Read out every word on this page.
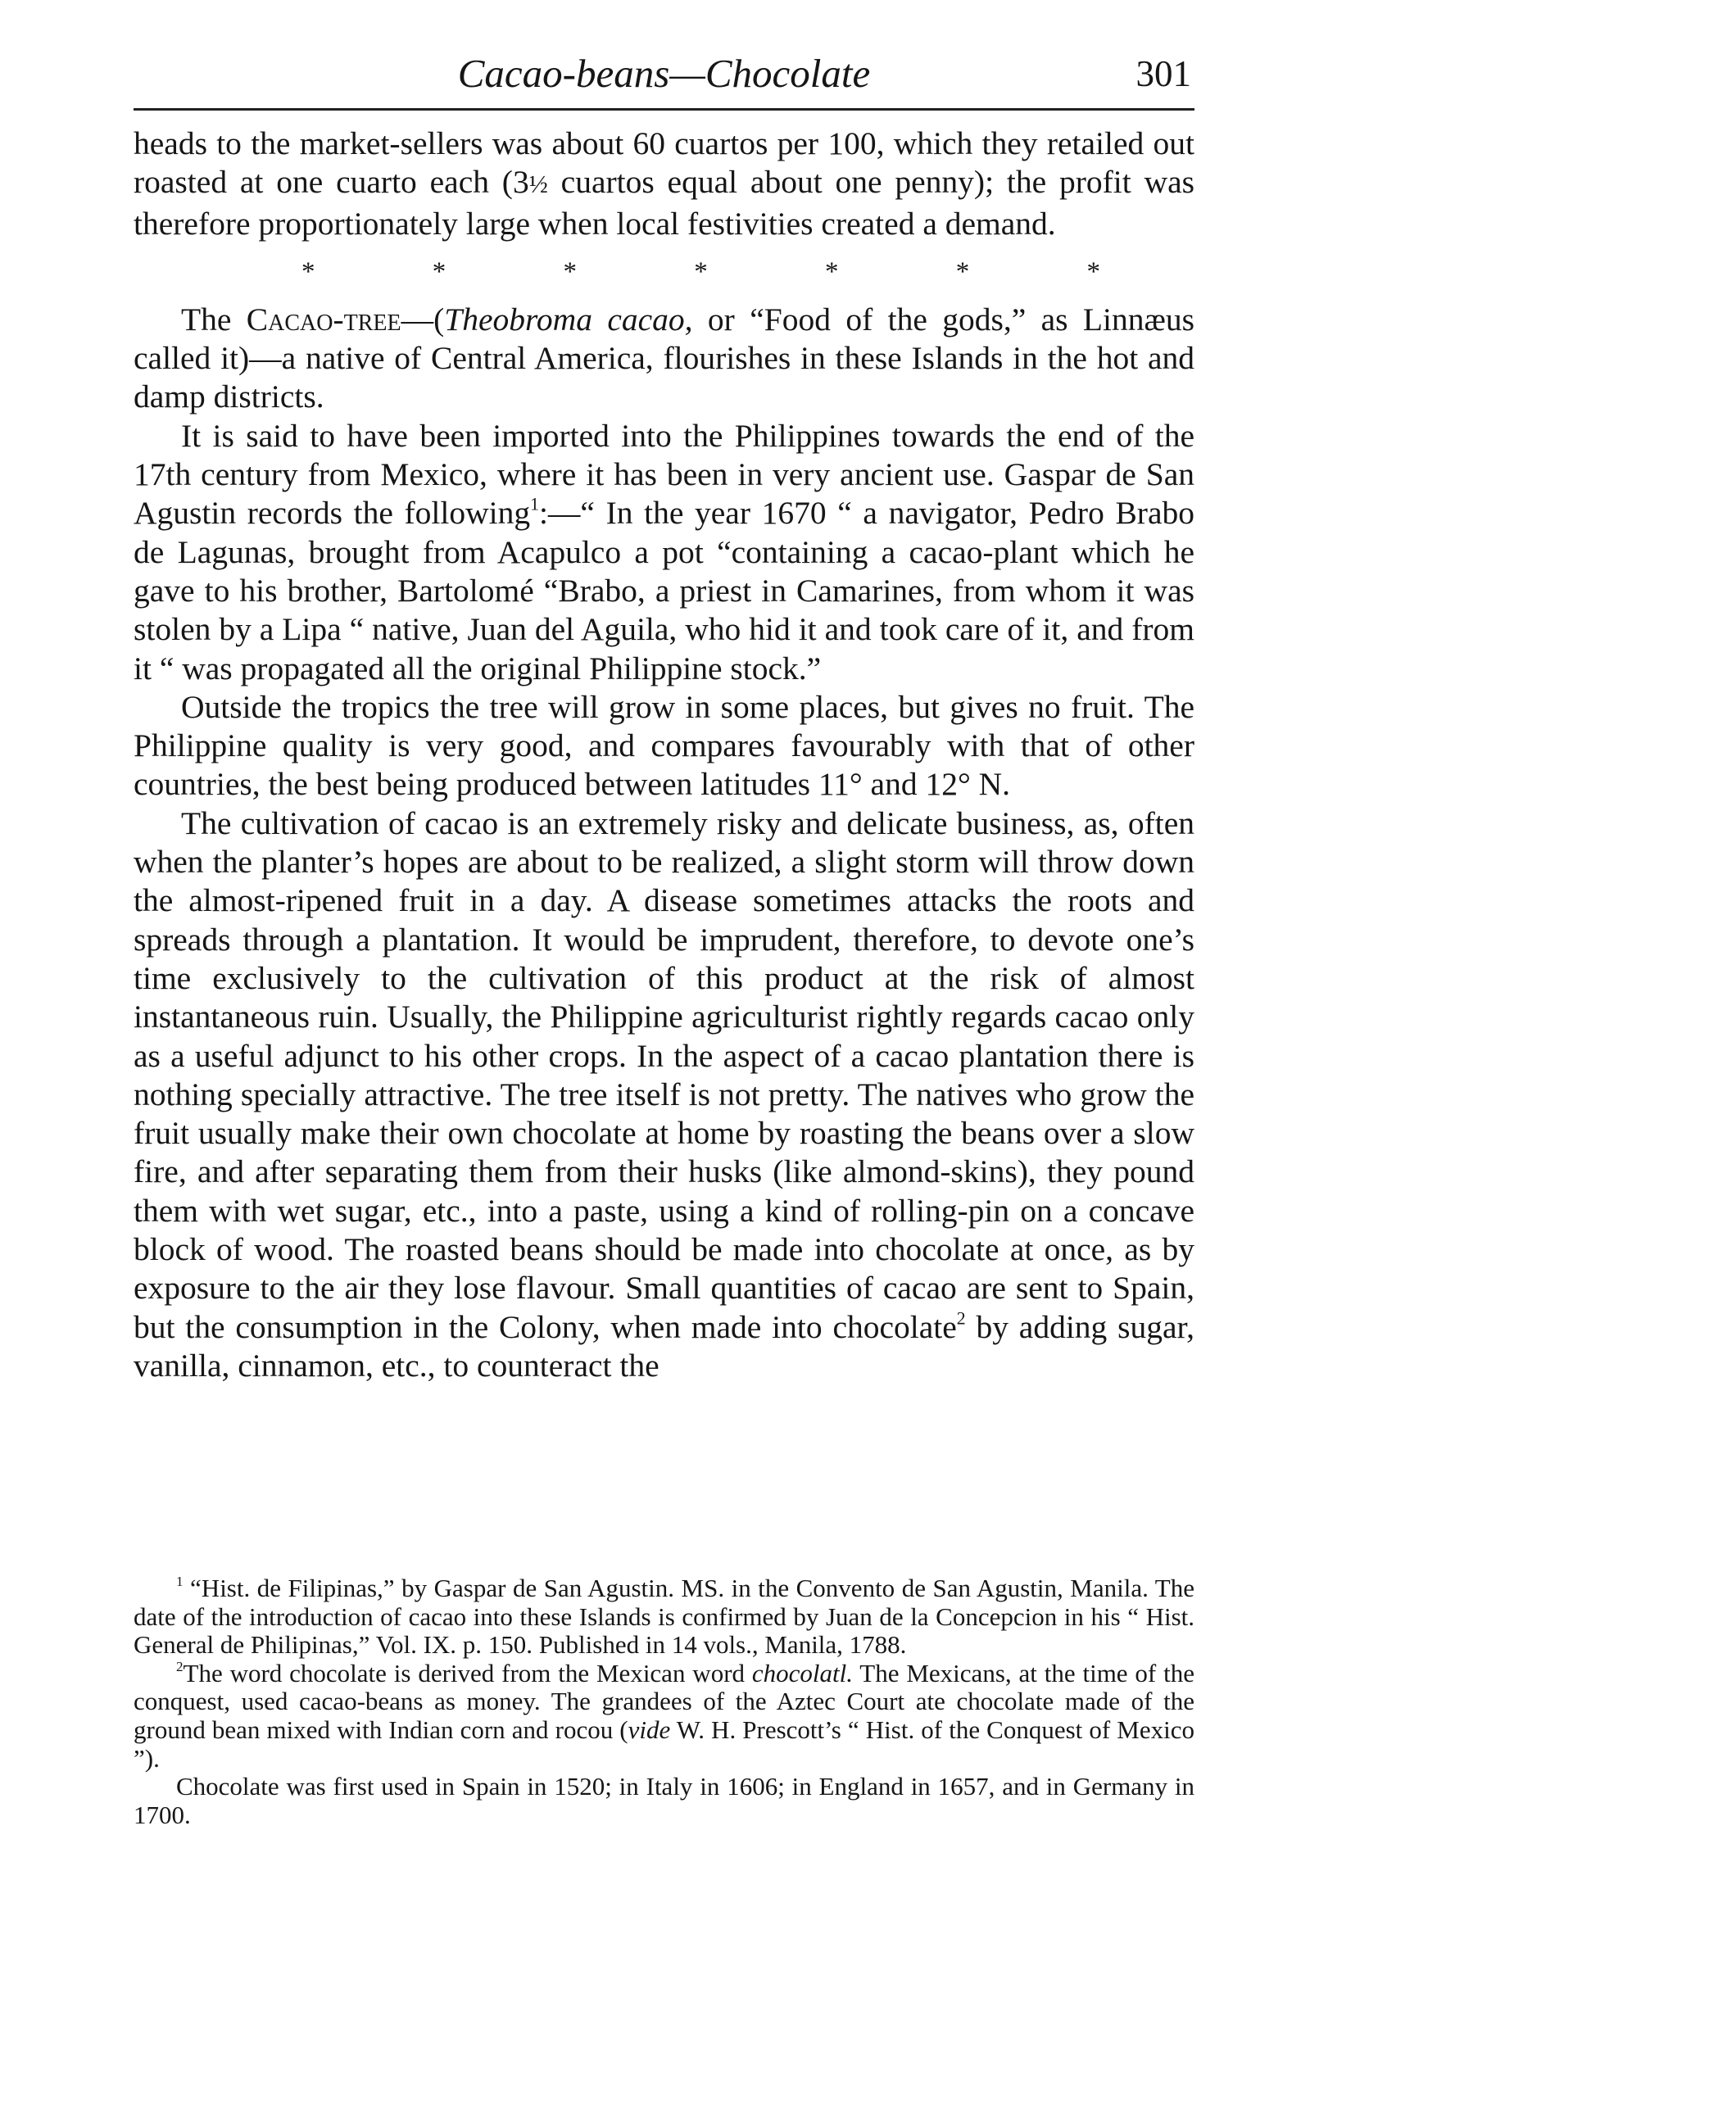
Cacao-beans—Chocolate	301

heads to the market-sellers was about 60 cuartos per 100, which they retailed out roasted at one cuarto each (3½ cuartos equal about one penny); the profit was therefore proportionately large when local festivities created a demand.

*	*	*	*	*	*	*

The Cacao-tree—(Theobroma cacao, or “Food of the gods,” as Linnæus called it)—a native of Central America, flourishes in these Islands in the hot and damp districts.

It is said to have been imported into the Philippines towards the end of the 17th century from Mexico, where it has been in very ancient use. Gaspar de San Agustin records the following$^1$:—“ In the year 1670 “ a navigator, Pedro Brabo de Lagunas, brought from Acapulco a pot “containing a cacao-plant which he gave to his brother, Bartolomé “Brabo, a priest in Camarines, from whom it was stolen by a Lipa “ native, Juan del Aguila, who hid it and took care of it, and from it “ was propagated all the original Philippine stock.”

Outside the tropics the tree will grow in some places, but gives no fruit. The Philippine quality is very good, and compares favourably with that of other countries, the best being produced between latitudes 11° and 12° N.

The cultivation of cacao is an extremely risky and delicate business, as, often when the planter’s hopes are about to be realized, a slight storm will throw down the almost-ripened fruit in a day. A disease sometimes attacks the roots and spreads through a plantation. It would be imprudent, therefore, to devote one’s time exclusively to the cultivation of this product at the risk of almost instantaneous ruin. Usually, the Philippine agriculturist rightly regards cacao only as a useful adjunct to his other crops. In the aspect of a cacao plantation there is nothing specially attractive. The tree itself is not pretty. The natives who grow the fruit usually make their own chocolate at home by roasting the beans over a slow fire, and after separating them from their husks (like almond-skins), they pound them with wet sugar, etc., into a paste, using a kind of rolling-pin on a concave block of wood. The roasted beans should be made into chocolate at once, as by exposure to the air they lose flavour. Small quantities of cacao are sent to Spain, but the consumption in the Colony, when made into chocolate$^2$ by adding sugar, vanilla, cinnamon, etc., to counteract the

$^1$ “Hist. de Filipinas,” by Gaspar de San Agustin. MS. in the Convento de San Agustin, Manila. The date of the introduction of cacao into these Islands is confirmed by Juan de la Concepcion in his “ Hist. General de Philipinas,” Vol. IX. p. 150. Published in 14 vols., Manila, 1788.

$^2$The word chocolate is derived from the Mexican word chocolatl. The Mexicans, at the time of the conquest, used cacao-beans as money. The grandees of the Aztec Court ate chocolate made of the ground bean mixed with Indian corn and rocou (vide W. H. Prescott’s “ Hist. of the Conquest of Mexico ”).

Chocolate was first used in Spain in 1520; in Italy in 1606; in England in 1657, and in Germany in 1700.
